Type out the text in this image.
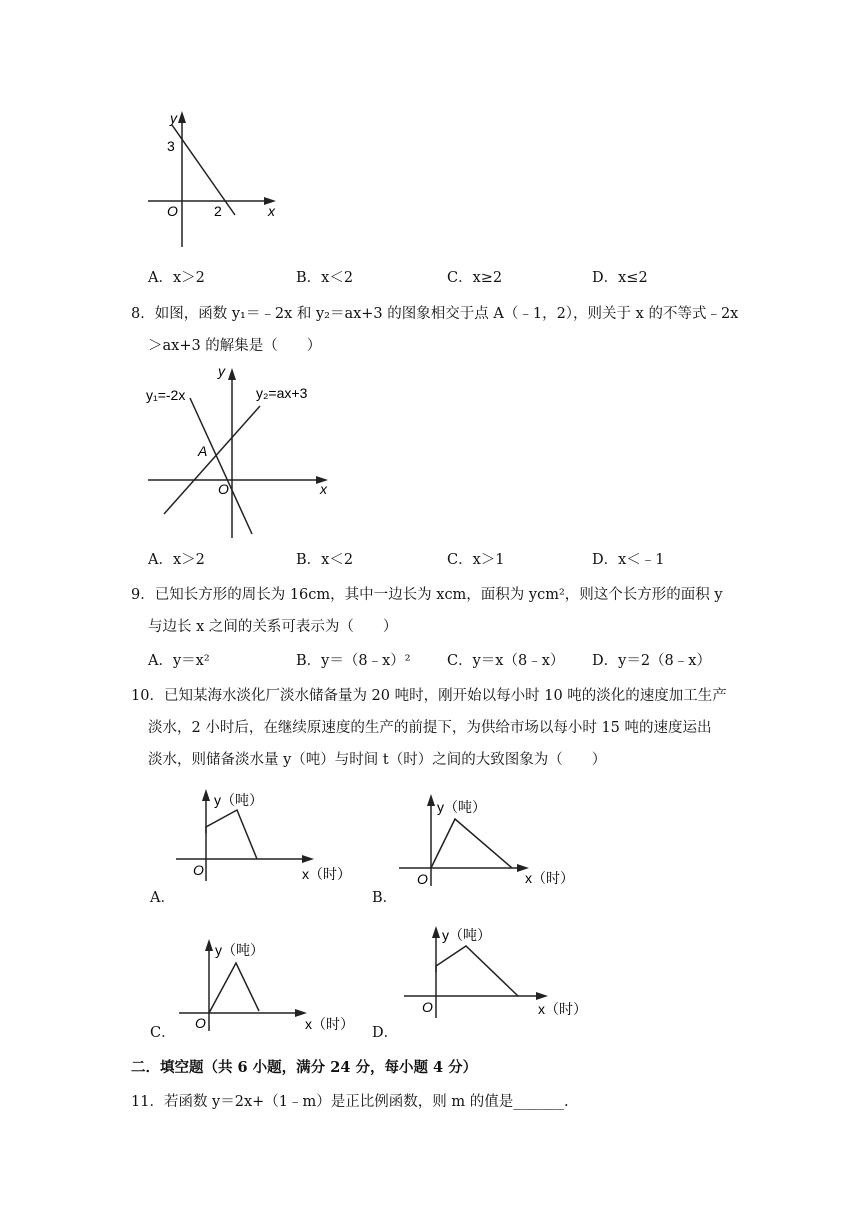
y
3
O	2	x
A．x＞2	B．x＜2	C．x≥2	D．x≤2
8．如图，函数 y₁＝﹣2x 和 y₂＝ax+3 的图象相交于点 A（﹣1，2），则关于 x 的不等式﹣2x
＞ax+3 的解集是（　　）
y₁=-2x	y₂=ax+3
A
y
O	x
A．x＞2	B．x＜2	C．x＞1	D．x＜﹣1
9．已知长方形的周长为 16cm，其中一边长为 xcm，面积为 ycm²，则这个长方形的面积 y
与边长 x 之间的关系可表示为（　　）
A．y＝x²	B．y＝（8﹣x）²	C．y＝x（8﹣x） D．y＝2（8﹣x）
10．已知某海水淡化厂淡水储备量为 20 吨时，刚开始以每小时 10 吨的淡化的速度加工生产
淡水，2 小时后，在继续原速度的生产的前提下，为供给市场以每小时 15 吨的速度运出
淡水，则储备淡水量 y（吨）与时间 t（时）之间的大致图象为（　　）
y（吨）
O	x（时）
A．
y（吨）
O	x（时）
B．
y（吨）
O	x（时）
C．
y（吨）
O	x（时）
D．
二．填空题（共 6 小题，满分 24 分，每小题 4 分）
11．若函数 y＝2x+（1﹣m）是正比例函数，则 m 的值是_______.
